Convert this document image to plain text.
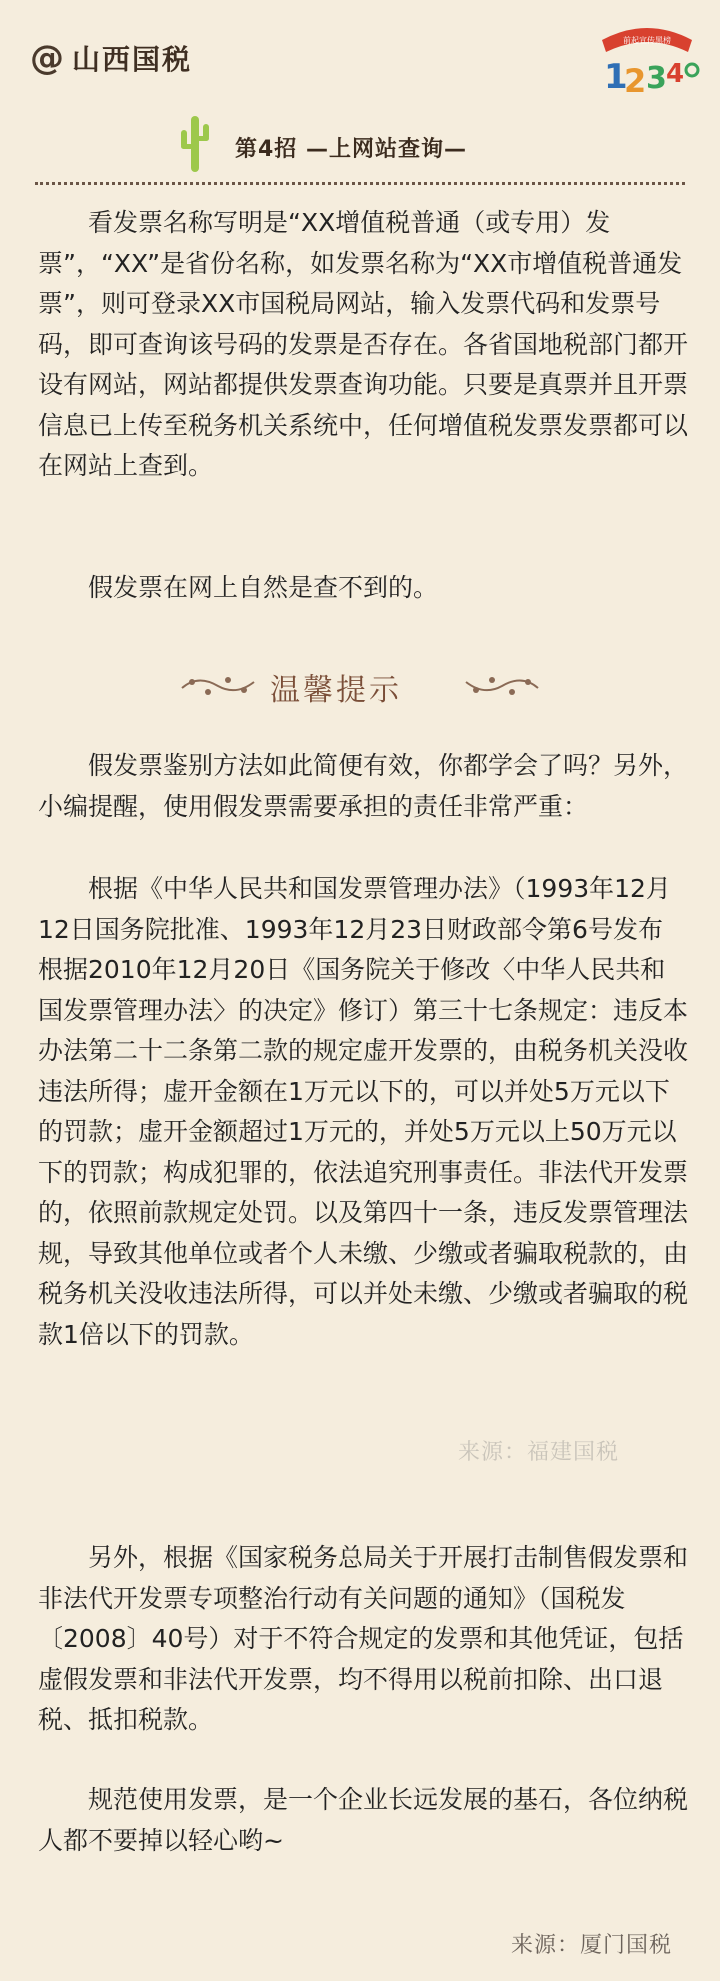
@ 山西国税
前起宣传黑榜
1
2 3 4
第4招 —上网站查询—

看发票名称写明是“XX增值税普通（或专用）发票”，“XX”是省份名称，如发票名称为“XX市增值税普通发票”，则可登录XX市国税局网站，输入发票代码和发票号码，即可查询该号码的发票是否存在。各省国地税部门都开设有网站，网站都提供发票查询功能。只要是真票并且开票信息已上传至税务机关系统中，任何增值税发票发票都可以在网站上查到。

假发票在网上自然是查不到的。

温馨提示

假发票鉴别方法如此简便有效，你都学会了吗？另外，小编提醒，使用假发票需要承担的责任非常严重：

根据《中华人民共和国发票管理办法》（1993年12月12日国务院批准、1993年12月23日财政部令第6号发布 根据2010年12月20日《国务院关于修改〈中华人民共和国发票管理办法〉的决定》修订）第三十七条规定：违反本办法第二十二条第二款的规定虚开发票的，由税务机关没收违法所得；虚开金额在1万元以下的，可以并处5万元以下的罚款；虚开金额超过1万元的，并处5万元以上50万元以下的罚款；构成犯罪的，依法追究刑事责任。非法代开发票的，依照前款规定处罚。以及第四十一条，违反发票管理法规，导致其他单位或者个人未缴、少缴或者骗取税款的，由税务机关没收违法所得，可以并处未缴、少缴或者骗取的税款1倍以下的罚款。

另外，根据《国家税务总局关于开展打击制售假发票和非法代开发票专项整治行动有关问题的通知》（国税发〔2008〕40号）对于不符合规定的发票和其他凭证，包括虚假发票和非法代开发票，均不得用以税前扣除、出口退税、抵扣税款。

规范使用发票，是一个企业长远发展的基石，各位纳税人都不要掉以轻心哟~

来源：福建国税
来源：厦门国税
